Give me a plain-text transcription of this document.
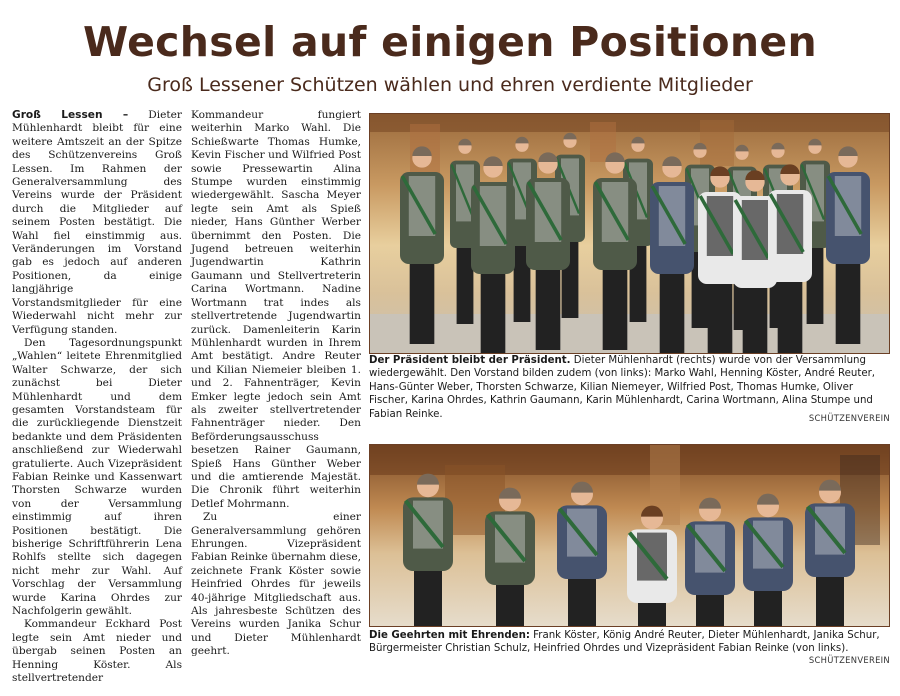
Wechsel auf einigen Positionen
Groß Lessener Schützen wählen und ehren verdiente Mitglieder

Groß Lessen – Dieter Mühlenhardt bleibt für eine weitere Amtszeit an der Spitze des Schützenvereins Groß Lessen. Im Rahmen der Generalversammlung des Vereins wurde der Präsident durch die Mitglieder auf seinem Posten bestätigt. Die Wahl fiel einstimmig aus. Veränderungen im Vorstand gab es jedoch auf anderen Positionen, da einige langjährige Vorstandsmitglieder für eine Wiederwahl nicht mehr zur Verfügung standen.

Den Tagesordnungspunkt „Wahlen“ leitete Ehrenmitglied Walter Schwarze, der sich zunächst bei Dieter Mühlenhardt und dem gesamten Vorstandsteam für die zurückliegende Dienstzeit bedankte und dem Präsidenten anschließend zur Wiederwahl gratulierte. Auch Vizepräsident Fabian Reinke und Kassenwart Thorsten Schwarze wurden von der Versammlung einstimmig auf ihren Positionen bestätigt. Die bisherige Schriftführerin Lena Rohlfs stellte sich dagegen nicht mehr zur Wahl. Auf Vorschlag der Versammlung wurde Karina Ohrdes zur Nachfolgerin gewählt.

Kommandeur Eckhard Post legte sein Amt nieder und übergab seinen Posten an Henning Köster. Als stellvertretender

Kommandeur fungiert weiterhin Marko Wahl. Die Schießwarte Thomas Humke, Kevin Fischer und Wilfried Post sowie Pressewartin Alina Stumpe wurden einstimmig wiedergewählt. Sascha Meyer legte sein Amt als Spieß nieder, Hans Günther Werber übernimmt den Posten. Die Jugend betreuen weiterhin Jugendwartin Kathrin Gaumann und Stellvertreterin Carina Wortmann. Nadine Wortmann trat indes als stellvertretende Jugendwartin zurück. Damenleiterin Karin Mühlenhardt wurden in Ihrem Amt bestätigt. Andre Reuter und Kilian Niemeier bleiben 1. und 2. Fahnenträger, Kevin Emker legte jedoch sein Amt als zweiter stellvertretender Fahnenträger nieder. Den Beförderungsausschuss besetzen Rainer Gaumann, Spieß Hans Günther Weber und die amtierende Majestät. Die Chronik führt weiterhin Detlef Mohrmann.

Zu einer Generalversammlung gehören Ehrungen. Vizepräsident Fabian Reinke übernahm diese, zeichnete Frank Köster sowie Heinfried Ohrdes für jeweils 40-jährige Mitgliedschaft aus. Als jahresbeste Schützen des Vereins wurden Janika Schur und Dieter Mühlenhardt geehrt.

Der Präsident bleibt der Präsident. Dieter Mühlenhardt (rechts) wurde von der Versammlung wiedergewählt. Den Vorstand bilden zudem (von links): Marko Wahl, Henning Köster, André Reuter, Hans-Günter Weber, Thorsten Schwarze, Kilian Niemeyer, Wilfried Post, Thomas Humke, Oliver Fischer, Karina Ohrdes, Kathrin Gaumann, Karin Mühlenhardt, Carina Wortmann, Alina Stumpe und Fabian Reinke.	SCHÜTZENVEREIN
Die Geehrten mit Ehrenden: Frank Köster, König André Reuter, Dieter Mühlenhardt, Janika Schur, Bürgermeister Christian Schulz, Heinfried Ohrdes und Vizepräsident Fabian Reinke (von links).
SCHÜTZENVEREIN
